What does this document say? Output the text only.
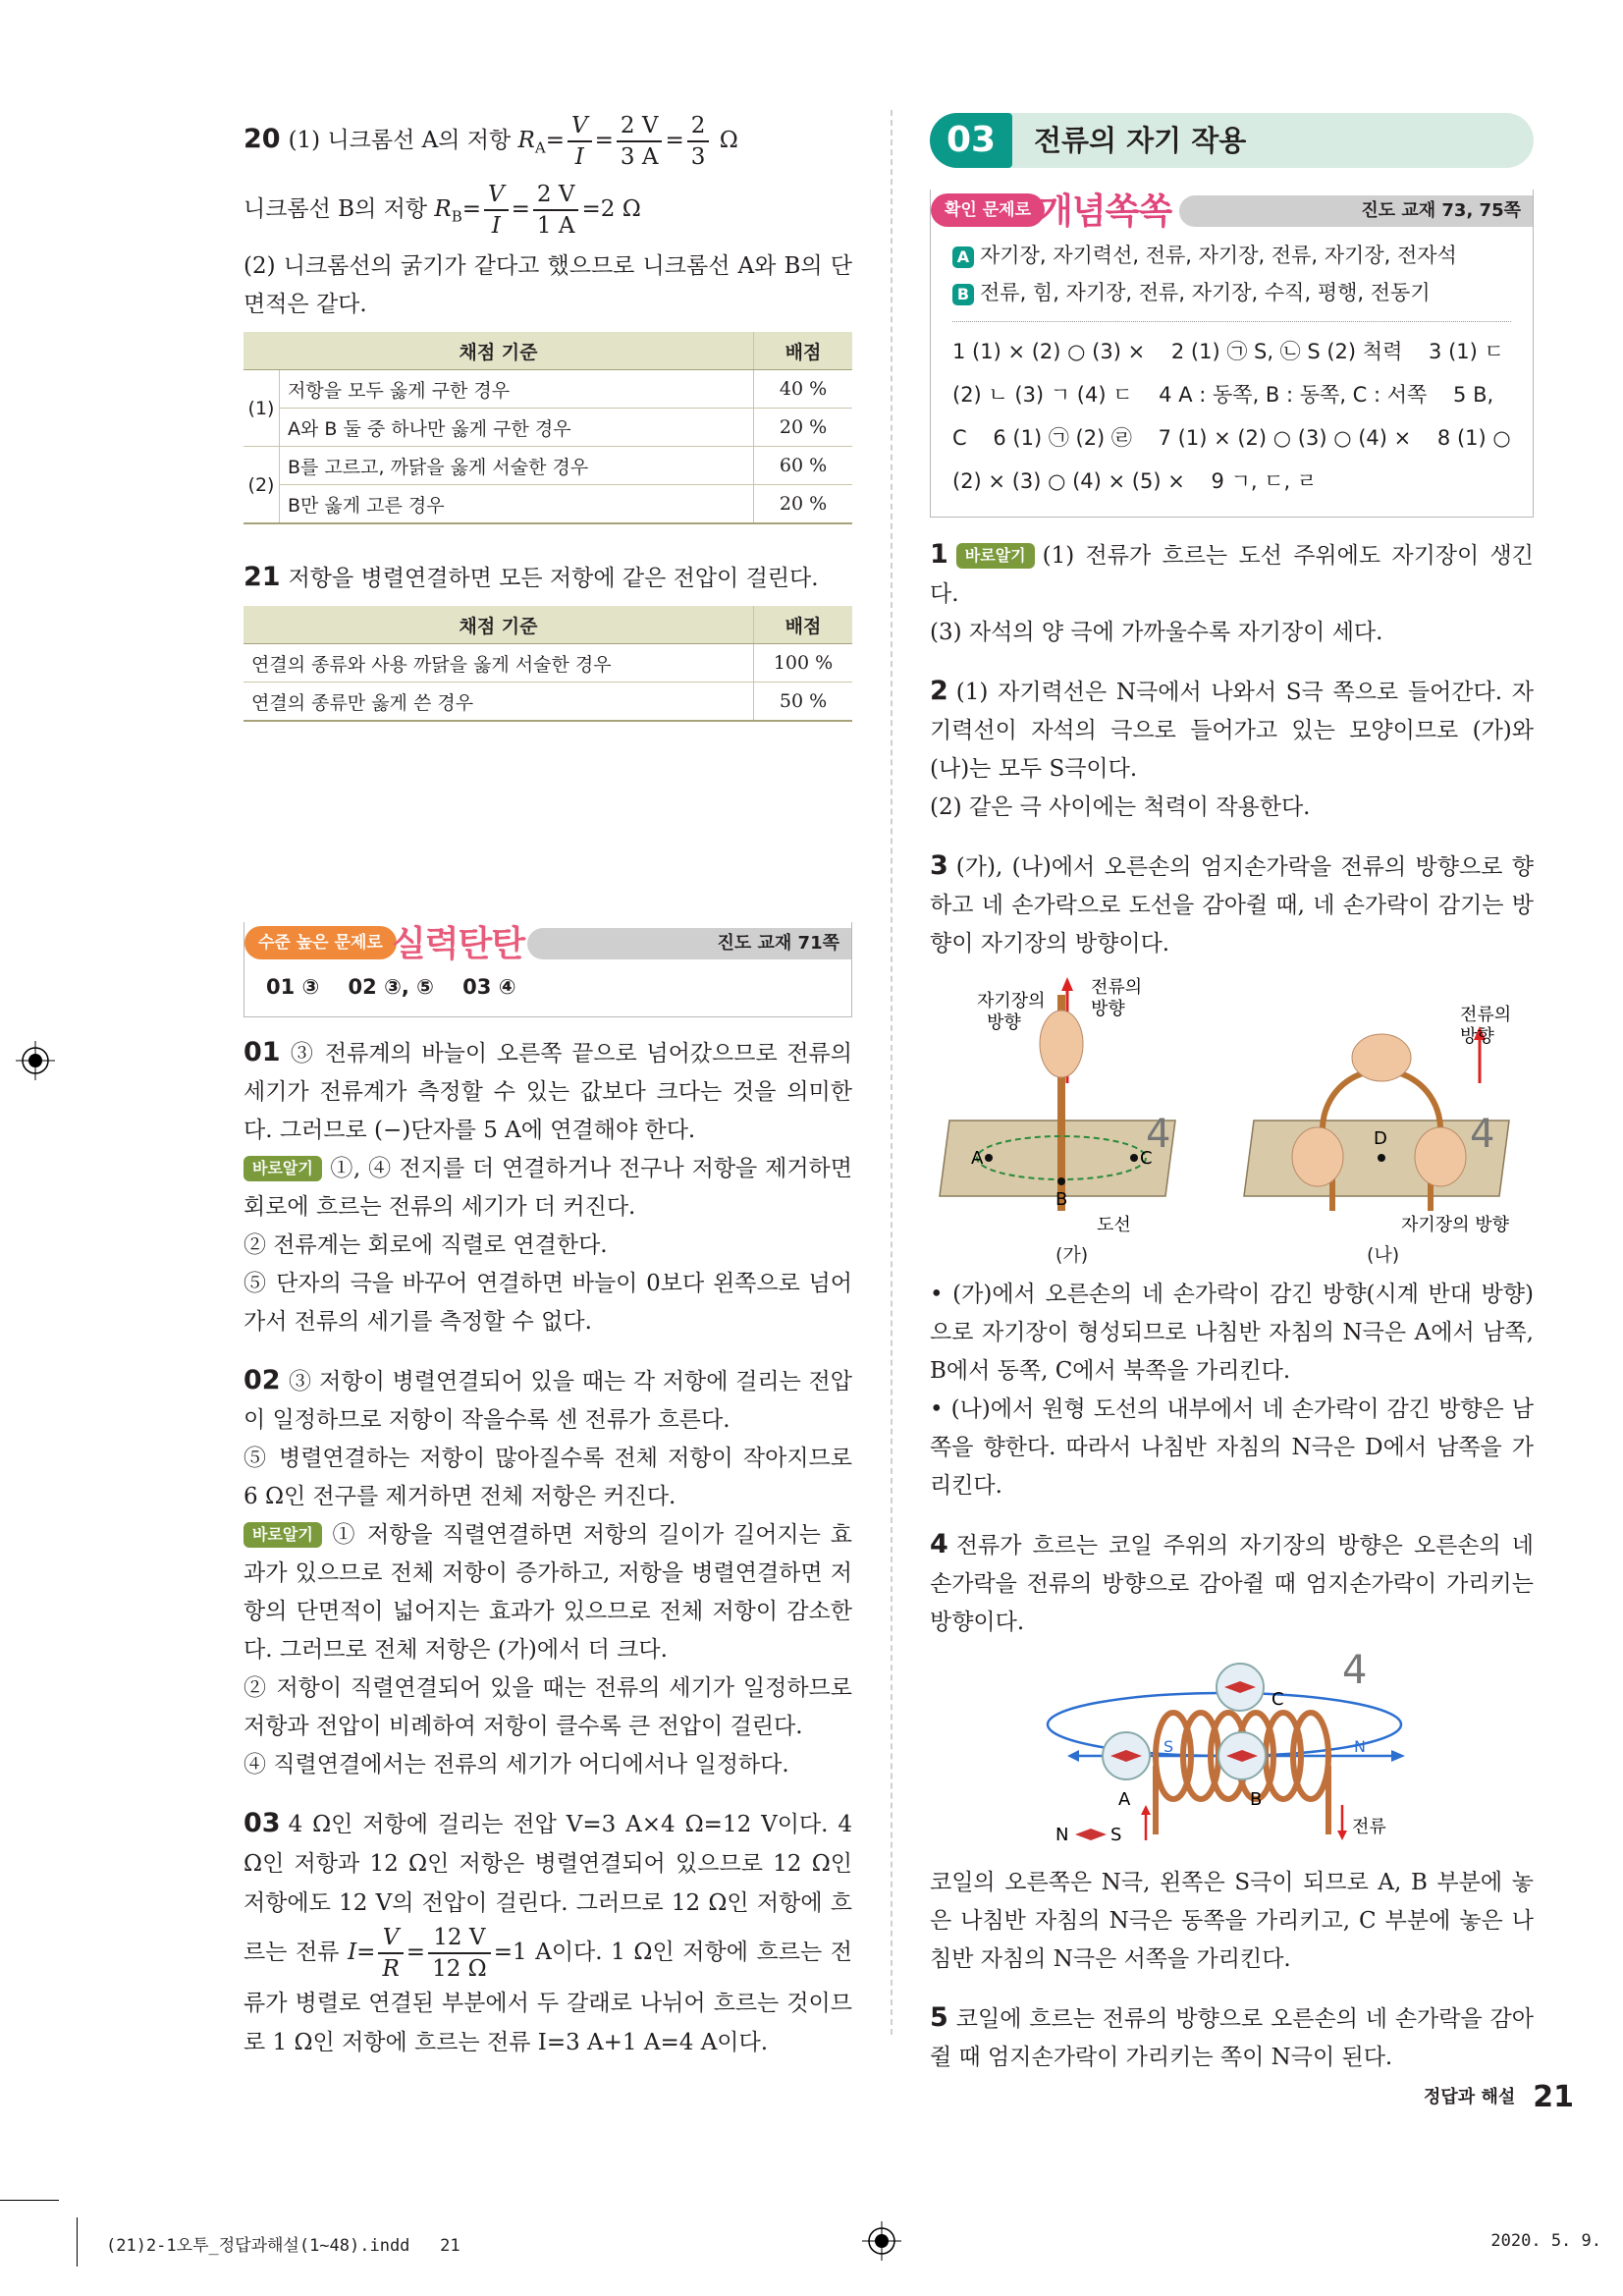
20 (1) 니크롬선 A의 저항 $R_A= \frac{V}{I} = \frac{2 V}{3 A} = \frac{2}{3}$ Ω

니크롬선 B의 저항 $R_B= \frac{V}{I} = \frac{2 V}{1 A} =2$ Ω

(2) 니크롬선의 굵기가 같다고 했으므로 니크롬선 A와 B의 단면적은 같다.

채점 기준		배점
(1)	저항을 모두 옳게 구한 경우	40 %
	A와 B 둘 중 하나만 옳게 구한 경우	20 %
(2)	B를 고르고, 까닭을 옳게 서술한 경우	60 %
	B만 옳게 고른 경우	20 %

21 저항을 병렬연결하면 모든 저항에 같은 전압이 걸린다.

채점 기준	배점
연결의 종류와 사용 까닭을 옳게 서술한 경우	100 %
연결의 종류만 옳게 쓴 경우	50 %
수준 높은 문제로 실력탄탄	진도 교재 71쪽
01 ③    02 ③, ⑤    03 ④

01 ③ 전류계의 바늘이 오른쪽 끝으로 넘어갔으므로 전류의 세기가 전류계가 측정할 수 있는 값보다 크다는 것을 의미한다. 그러므로 (−)단자를 5 A에 연결해야 한다.

바로알기 ①, ④ 전지를 더 연결하거나 전구나 저항을 제거하면 회로에 흐르는 전류의 세기가 더 커진다.

② 전류계는 회로에 직렬로 연결한다.

⑤ 단자의 극을 바꾸어 연결하면 바늘이 0보다 왼쪽으로 넘어가서 전류의 세기를 측정할 수 없다.

02 ③ 저항이 병렬연결되어 있을 때는 각 저항에 걸리는 전압이 일정하므로 저항이 작을수록 센 전류가 흐른다.

⑤ 병렬연결하는 저항이 많아질수록 전체 저항이 작아지므로 6 Ω인 전구를 제거하면 전체 저항은 커진다.

바로알기 ① 저항을 직렬연결하면 저항의 길이가 길어지는 효과가 있으므로 전체 저항이 증가하고, 저항을 병렬연결하면 저항의 단면적이 넓어지는 효과가 있으므로 전체 저항이 감소한다. 그러므로 전체 저항은 (가)에서 더 크다.

② 저항이 직렬연결되어 있을 때는 전류의 세기가 일정하므로 저항과 전압이 비례하여 저항이 클수록 큰 전압이 걸린다.

④ 직렬연결에서는 전류의 세기가 어디에서나 일정하다.

03 4 Ω인 저항에 걸리는 전압 V=3 A×4 Ω=12 V이다. 4 Ω인 저항과 12 Ω인 저항은 병렬연결되어 있으므로 12 Ω인 저항에도 12 V의 전압이 걸린다. 그러므로 12 Ω인 저항에 흐르는 전류 $I= \frac{V}{R} = \frac{12 V}{12 \Omega} =1$ A이다. 1 Ω인 저항에 흐르는 전류가 병렬로 연결된 부분에서 두 갈래로 나뉘어 흐르는 것이므로 1 Ω인 저항에 흐르는 전류 I=3 A+1 A=4 A이다.

03	전류의 자기 작용
확인 문제로 개념쏙쏙	진도 교재 73, 75쪽
A 자기장, 자기력선, 전류, 자기장, 전류, 자기장, 전자석
B 전류, 힘, 자기장, 전류, 자기장, 수직, 평행, 전동기
1 (1) × (2) ○ (3) ×    2 (1) ㉠ S, ㉡ S (2) 척력    3 (1) ㄷ
(2) ㄴ (3) ㄱ (4) ㄷ    4 A : 동쪽, B : 동쪽, C : 서쪽    5 B,
C    6 (1) ㉠ (2) ㉣    7 (1) × (2) ○ (3) ○ (4) ×    8 (1) ○
(2) × (3) ○ (4) × (5) ×    9 ㄱ, ㄷ, ㄹ

1 바로알기 (1) 전류가 흐르는 도선 주위에도 자기장이 생긴다.

(3) 자석의 양 극에 가까울수록 자기장이 세다.

2 (1) 자기력선은 N극에서 나와서 S극 쪽으로 들어간다. 자기력선이 자석의 극으로 들어가고 있는 모양이므로 (가)와 (나)는 모두 S극이다.

(2) 같은 극 사이에는 척력이 작용한다.

3 (가), (나)에서 오른손의 엄지손가락을 전류의 방향으로 향하고 네 손가락으로 도선을 감아쥘 때, 네 손가락이 감기는 방향이 자기장의 방향이다.

A
B
C
자기장의
방향
전류의
방향
도선
4	D
전류의
방향
자기장의 방향
4
(가)	(나)

• (가)에서 오른손의 네 손가락이 감긴 방향(시계 반대 방향)으로 자기장이 형성되므로 나침반 자침의 N극은 A에서 남쪽, B에서 동쪽, C에서 북쪽을 가리킨다.

• (나)에서 원형 도선의 내부에서 네 손가락이 감긴 방향은 남쪽을 향한다. 따라서 나침반 자침의 N극은 D에서 남쪽을 가리킨다.

4 전류가 흐르는 코일 주위의 자기장의 방향은 오른손의 네 손가락을 전류의 방향으로 감아쥘 때 엄지손가락이 가리키는 방향이다.

A	B
C
S	N
4
N S	전류

코일의 오른쪽은 N극, 왼쪽은 S극이 되므로 A, B 부분에 놓은 나침반 자침의 N극은 동쪽을 가리키고, C 부분에 놓은 나침반 자침의 N극은 서쪽을 가리킨다.

5 코일에 흐르는 전류의 방향으로 오른손의 네 손가락을 감아쥘 때 엄지손가락이 가리키는 쪽이 N극이 된다.

정답과 해설 21
(21)2-1오투_정답과해설(1~48).indd   21	2020. 5. 9.
